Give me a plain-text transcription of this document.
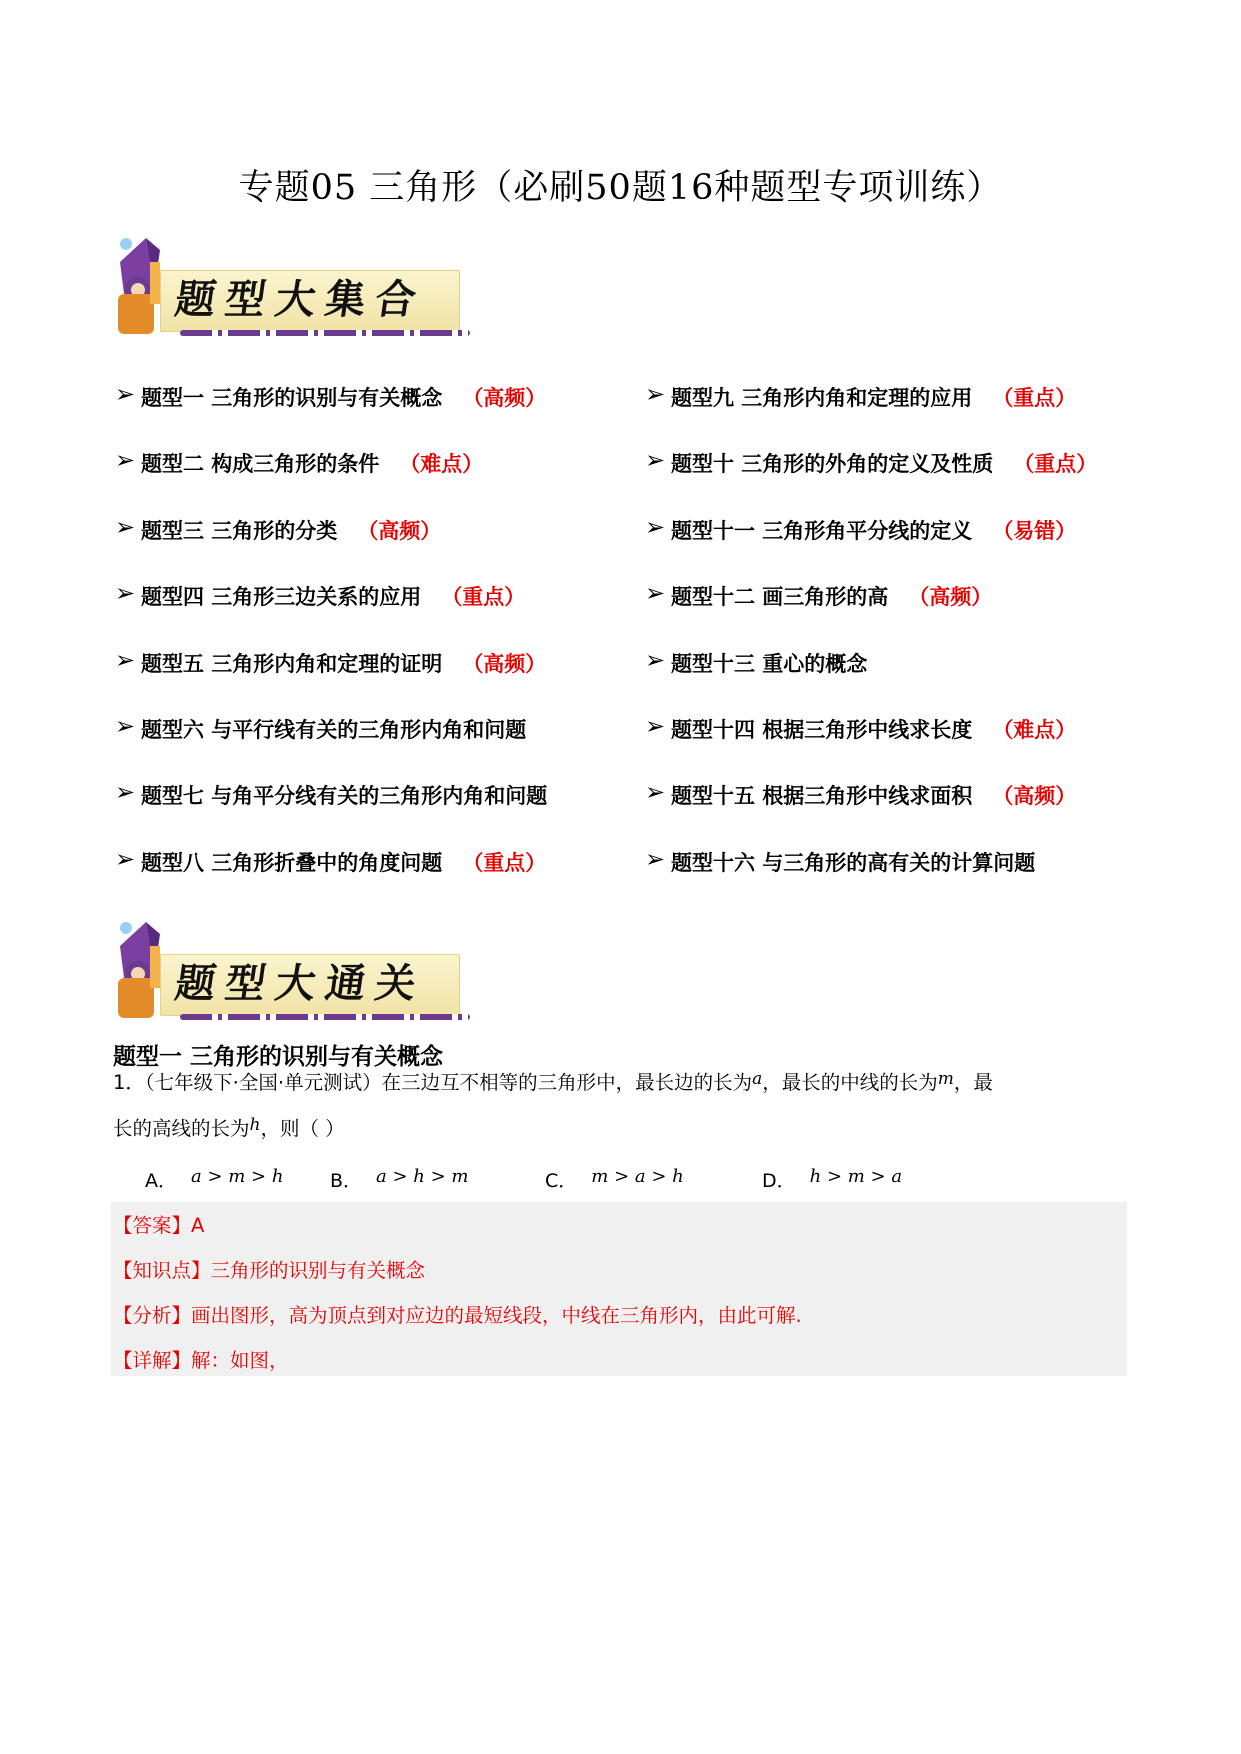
专题05 三角形（必刷50题16种题型专项训练）
题型大集合
➢ 题型一 三角形的识别与有关概念 （高频）
➢ 题型二 构成三角形的条件 （难点）
➢ 题型三 三角形的分类 （高频）
➢ 题型四 三角形三边关系的应用 （重点）
➢ 题型五 三角形内角和定理的证明 （高频）
➢ 题型六 与平行线有关的三角形内角和问题
➢ 题型七 与角平分线有关的三角形内角和问题
➢ 题型八 三角形折叠中的角度问题 （重点）
➢ 题型九 三角形内角和定理的应用 （重点）
➢ 题型十 三角形的外角的定义及性质 （重点）
➢ 题型十一 三角形角平分线的定义 （易错）
➢ 题型十二 画三角形的高 （高频）
➢ 题型十三 重心的概念
➢ 题型十四 根据三角形中线求长度 （难点）
➢ 题型十五 根据三角形中线求面积 （高频）
➢ 题型十六 与三角形的高有关的计算问题
题型大通关
题型一 三角形的识别与有关概念
1．（七年级下·全国·单元测试）在三边互不相等的三角形中，最长边的长为a，最长的中线的长为m，最
长的高线的长为h，则（ ）
A． a > m > h B． a > h > m	C． m > a > h	D． h > m > a
【答案】A
【知识点】三角形的识别与有关概念
【分析】画出图形，高为顶点到对应边的最短线段，中线在三角形内，由此可解.
【详解】解：如图，
